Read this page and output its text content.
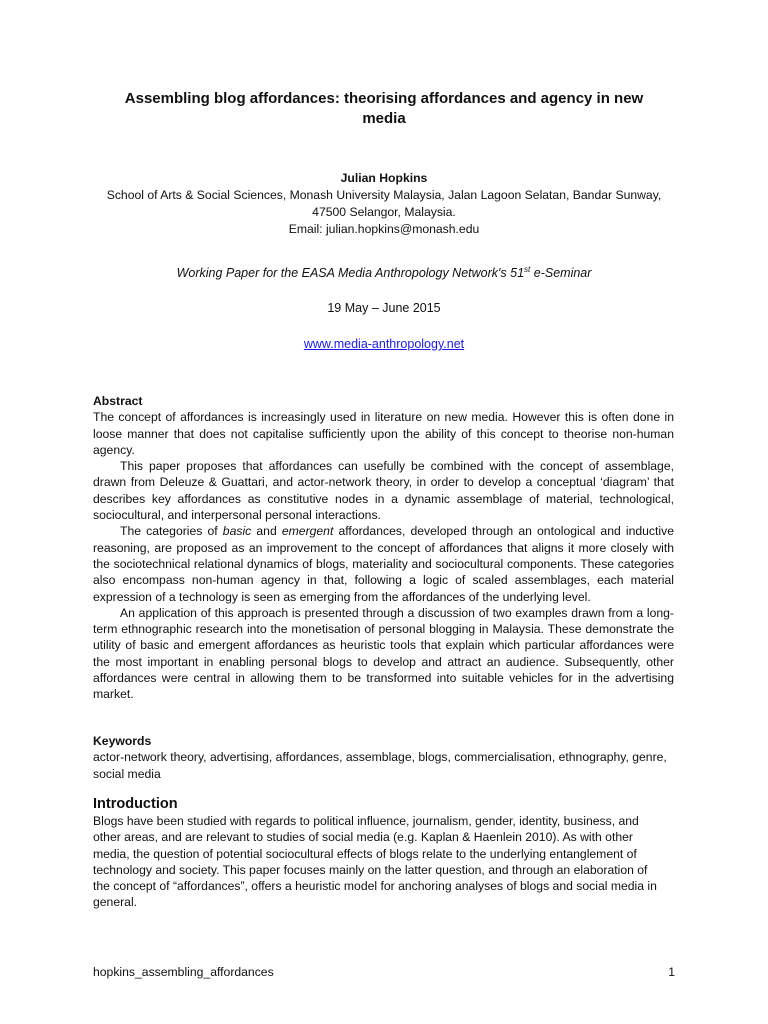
Assembling blog affordances: theorising affordances and agency in new media
Julian Hopkins
School of Arts & Social Sciences, Monash University Malaysia, Jalan Lagoon Selatan, Bandar Sunway,
47500 Selangor, Malaysia.
Email: julian.hopkins@monash.edu
Working Paper for the EASA Media Anthropology Network's 51st e-Seminar
19 May – June 2015
www.media-anthropology.net
Abstract

The concept of affordances is increasingly used in literature on new media. However this is often done in loose manner that does not capitalise sufficiently upon the ability of this concept to theorise non-human agency.

This paper proposes that affordances can usefully be combined with the concept of assemblage, drawn from Deleuze & Guattari, and actor-network theory, in order to develop a conceptual ‘diagram’ that describes key affordances as constitutive nodes in a dynamic assemblage of material, technological, sociocultural, and interpersonal personal interactions.

The categories of basic and emergent affordances, developed through an ontological and inductive reasoning, are proposed as an improvement to the concept of affordances that aligns it more closely with the sociotechnical relational dynamics of blogs, materiality and sociocultural components. These categories also encompass non-human agency in that, following a logic of scaled assemblages, each material expression of a technology is seen as emerging from the affordances of the underlying level.

An application of this approach is presented through a discussion of two examples drawn from a long-term ethnographic research into the monetisation of personal blogging in Malaysia. These demonstrate the utility of basic and emergent affordances as heuristic tools that explain which particular affordances were the most important in enabling personal blogs to develop and attract an audience. Subsequently, other affordances were central in allowing them to be transformed into suitable vehicles for in the advertising market.

Keywords
actor-network theory, advertising, affordances, assemblage, blogs, commercialisation, ethnography, genre, social media
Introduction
Blogs have been studied with regards to political influence, journalism, gender, identity, business, and other areas, and are relevant to studies of social media (e.g. Kaplan & Haenlein 2010). As with other media, the question of potential sociocultural effects of blogs relate to the underlying entanglement of technology and society. This paper focuses mainly on the latter question, and through an elaboration of the concept of “affordances”, offers a heuristic model for anchoring analyses of blogs and social media in general.
hopkins_assembling_affordances	1
